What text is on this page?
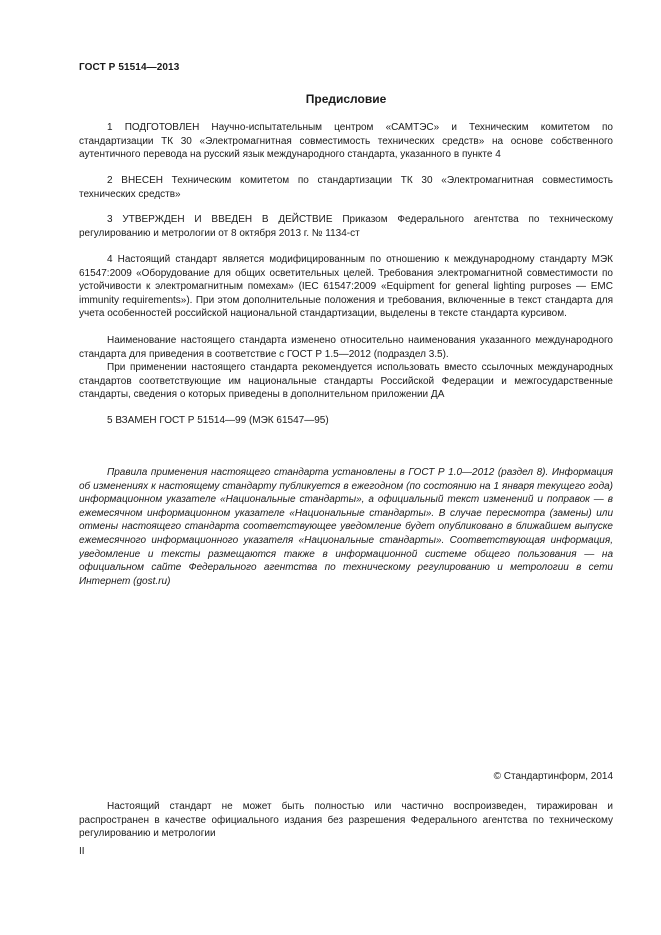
ГОСТ Р 51514—2013
Предисловие

1 ПОДГОТОВЛЕН Научно-испытательным центром «САМТЭС» и Техническим комитетом по стандартизации ТК 30 «Электромагнитная совместимость технических средств» на основе собственного аутентичного перевода на русский язык международного стандарта, указанного в пункте 4

2 ВНЕСЕН Техническим комитетом по стандартизации ТК 30 «Электромагнитная совместимость технических средств»

3 УТВЕРЖДЕН И ВВЕДЕН В ДЕЙСТВИЕ Приказом Федерального агентства по техническому регулированию и метрологии от 8 октября 2013 г. № 1134-ст

4 Настоящий стандарт является модифицированным по отношению к международному стандарту МЭК 61547:2009 «Оборудование для общих осветительных целей. Требования электромагнитной совместимости по устойчивости к электромагнитным помехам» (IEC 61547:2009 «Equipment for general lighting purposes — EMC immunity requirements»). При этом дополнительные положения и требования, включенные в текст стандарта для учета особенностей российской национальной стандартизации, выделены в тексте стандарта курсивом.

Наименование настоящего стандарта изменено относительно наименования указанного международного стандарта для приведения в соответствие с ГОСТ Р 1.5—2012 (подраздел 3.5).

При применении настоящего стандарта рекомендуется использовать вместо ссылочных международных стандартов соответствующие им национальные стандарты Российской Федерации и межгосударственные стандарты, сведения о которых приведены в дополнительном приложении ДА

5 ВЗАМЕН ГОСТ Р 51514—99 (МЭК 61547—95)

Правила применения настоящего стандарта установлены в ГОСТ Р 1.0—2012 (раздел 8). Информация об изменениях к настоящему стандарту публикуется в ежегодном (по состоянию на 1 января текущего года) информационном указателе «Национальные стандарты», а официальный текст изменений и поправок — в ежемесячном информационном указателе «Национальные стандарты». В случае пересмотра (замены) или отмены настоящего стандарта соответствующее уведомление будет опубликовано в ближайшем выпуске ежемесячного информационного указателя «Национальные стандарты». Соответствующая информация, уведомление и тексты размещаются также в информационной системе общего пользования — на официальном сайте Федерального агентства по техническому регулированию и метрологии в сети Интернет (gost.ru)

© Стандартинформ, 2014

Настоящий стандарт не может быть полностью или частично воспроизведен, тиражирован и распространен в качестве официального издания без разрешения Федерального агентства по техническому регулированию и метрологии

II
